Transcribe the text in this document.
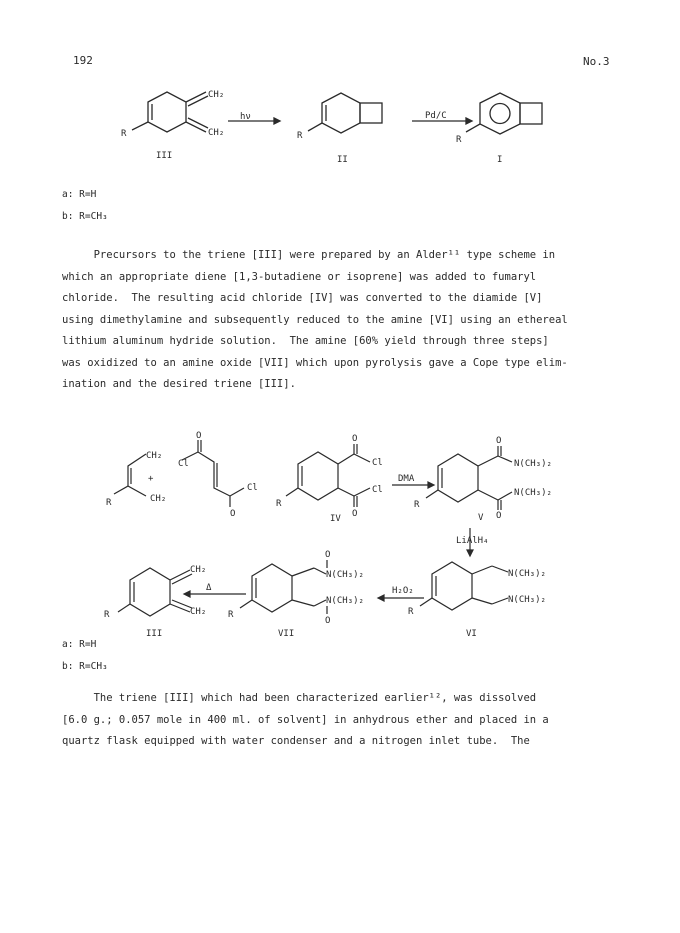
192	No.3
CH₂
CH₂
R	R	R
hν	Pd/C
III	II	I
a: R=H
b: R=CH₃
Precursors to the triene [III] were prepared by an Alder¹¹ type scheme in
which an appropriate diene [1,3-butadiene or isoprene] was added to fumaryl
chloride.  The resulting acid chloride [IV] was converted to the diamide [V]
using dimethylamine and subsequently reduced to the amine [VI] using an ethereal
lithium aluminum hydride solution.  The amine [60% yield through three steps]
was oxidized to an amine oxide [VII] which upon pyrolysis gave a Cope type elim-
ination and the desired triene [III].
CH₂
CH₂
R
+
Cl
O
Cl
O
O
Cl
Cl
O
R
IV
DMA
O
N(CH₃)₂
N(CH₃)₂
O
R
V
LiAlH₄
N(CH₃)₂
N(CH₃)₂
R
VI
H₂O₂
O
N(CH₃)₂
N(CH₃)₂
O
R
VII
Δ
CH₂
CH₂
R
III
a: R=H
b: R=CH₃
The triene [III] which had been characterized earlier¹², was dissolved
[6.0 g.; 0.057 mole in 400 ml. of solvent] in anhydrous ether and placed in a
quartz flask equipped with water condenser and a nitrogen inlet tube.  The
